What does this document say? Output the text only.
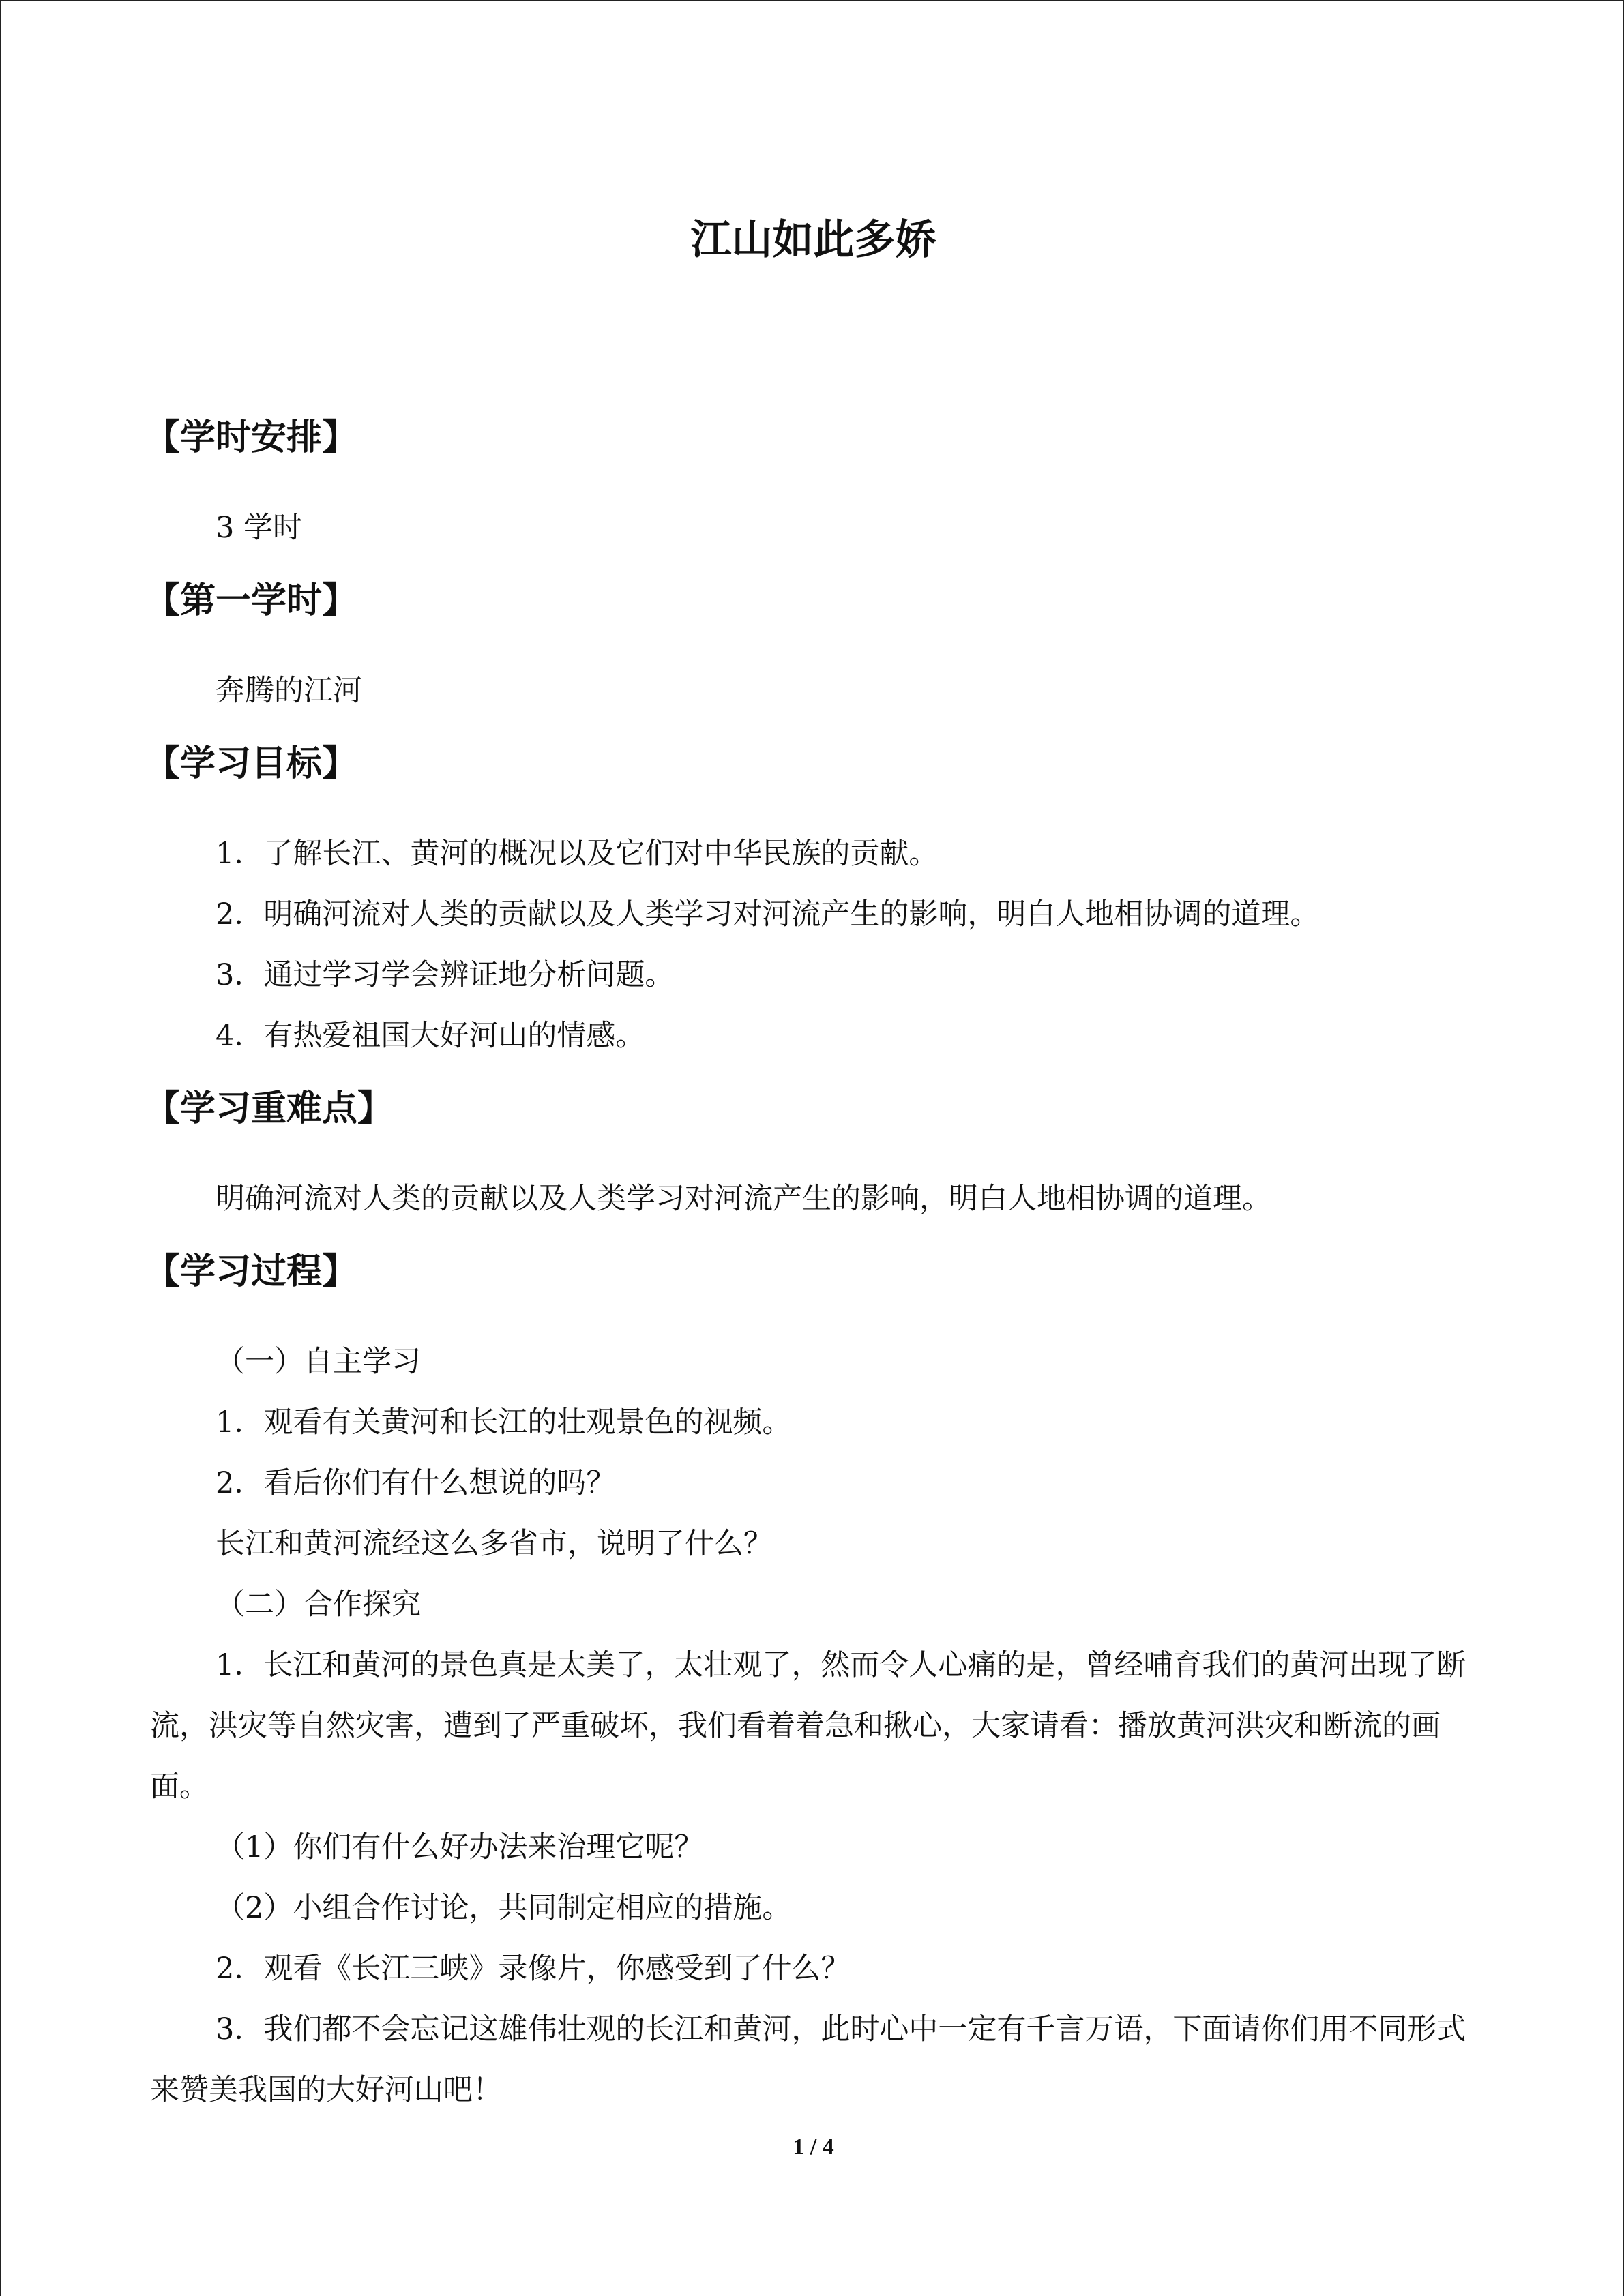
江山如此多娇
【学时安排】

3 学时

【第一学时】

奔腾的江河

【学习目标】

1．了解长江、黄河的概况以及它们对中华民族的贡献。

2．明确河流对人类的贡献以及人类学习对河流产生的影响，明白人地相协调的道理。

3．通过学习学会辨证地分析问题。

4．有热爱祖国大好河山的情感。

【学习重难点】

明确河流对人类的贡献以及人类学习对河流产生的影响，明白人地相协调的道理。

【学习过程】

（一）自主学习

1．观看有关黄河和长江的壮观景色的视频。

2．看后你们有什么想说的吗？

长江和黄河流经这么多省市，说明了什么？

（二）合作探究

1．长江和黄河的景色真是太美了，太壮观了，然而令人心痛的是，曾经哺育我们的黄河出现了断流，洪灾等自然灾害，遭到了严重破坏，我们看着着急和揪心，大家请看：播放黄河洪灾和断流的画面。

（1）你们有什么好办法来治理它呢？

（2）小组合作讨论，共同制定相应的措施。

2．观看《长江三峡》录像片，你感受到了什么？

3．我们都不会忘记这雄伟壮观的长江和黄河，此时心中一定有千言万语，下面请你们用不同形式来赞美我国的大好河山吧！

1 / 4
